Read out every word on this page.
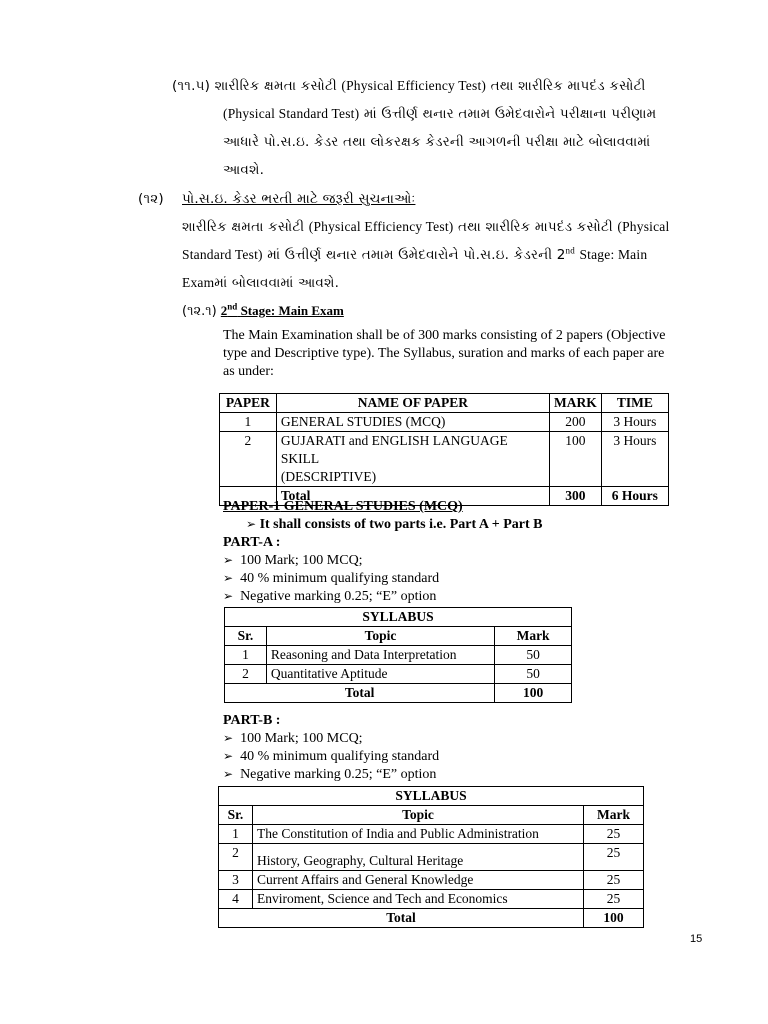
(૧૧.૫) શારીરિક ક્ષમતા કસોટી (Physical Efficiency Test) તથા શારીરિક માપદંડ કસોટી
(Physical Standard Test) માં ઉત્તીર્ણ થનાર તમામ ઉમેદવારોને પરીક્ષાના પરીણામ
આધારે પો.સ.ઇ. કેડર તથા લોકરક્ષક કેડરની આગળની પરીક્ષા માટે બોલાવવામાં
આવશે.
(૧૨) પો.સ.ઇ. કેડર ભરતી માટે જરૂરી સુચનાઓઃ
શારીરિક ક્ષમતા કસોટી (Physical Efficiency Test) તથા શારીરિક માપદંડ કસોટી (Physical
Standard Test) માં ઉત્તીર્ણ થનાર તમામ ઉમેદવારોને પો.સ.ઇ. કેડરની 2nd Stage: Main
Examમાં બોલાવવામાં આવશે.
(૧૨.૧) 2nd Stage: Main Exam
The Main Examination shall be of 300 marks consisting of 2 papers (Objective
type and Descriptive type). The Syllabus, suration and marks of each paper are
as under:
PAPER	NAME OF PAPER	MARK	TIME
1	GENERAL STUDIES (MCQ)	200	3 Hours
2	GUJARATI and ENGLISH LANGUAGE SKILL
(DESCRIPTIVE)	100	3 Hours
	Total	300	6 Hours
PAPER-1 GENERAL STUDIES (MCQ)
➢ It shall consists of two parts i.e. Part A + Part B
PART-A :
➢ 100 Mark; 100 MCQ;
➢ 40 % minimum qualifying standard
➢ Negative marking 0.25; “E” option
SYLLABUS		
Sr.	Topic	Mark
1	Reasoning and Data Interpretation	50
2	Quantitative Aptitude	50
Total		100
PART-B :
➢ 100 Mark; 100 MCQ;
➢ 40 % minimum qualifying standard
➢ Negative marking 0.25; “E” option
SYLLABUS		
Sr.	Topic	Mark
1	The Constitution of India and Public Administration	25
2	History, Geography, Cultural Heritage	25
3	Current Affairs and General Knowledge	25
4	Enviroment, Science and Tech and Economics	25
Total		100
15
